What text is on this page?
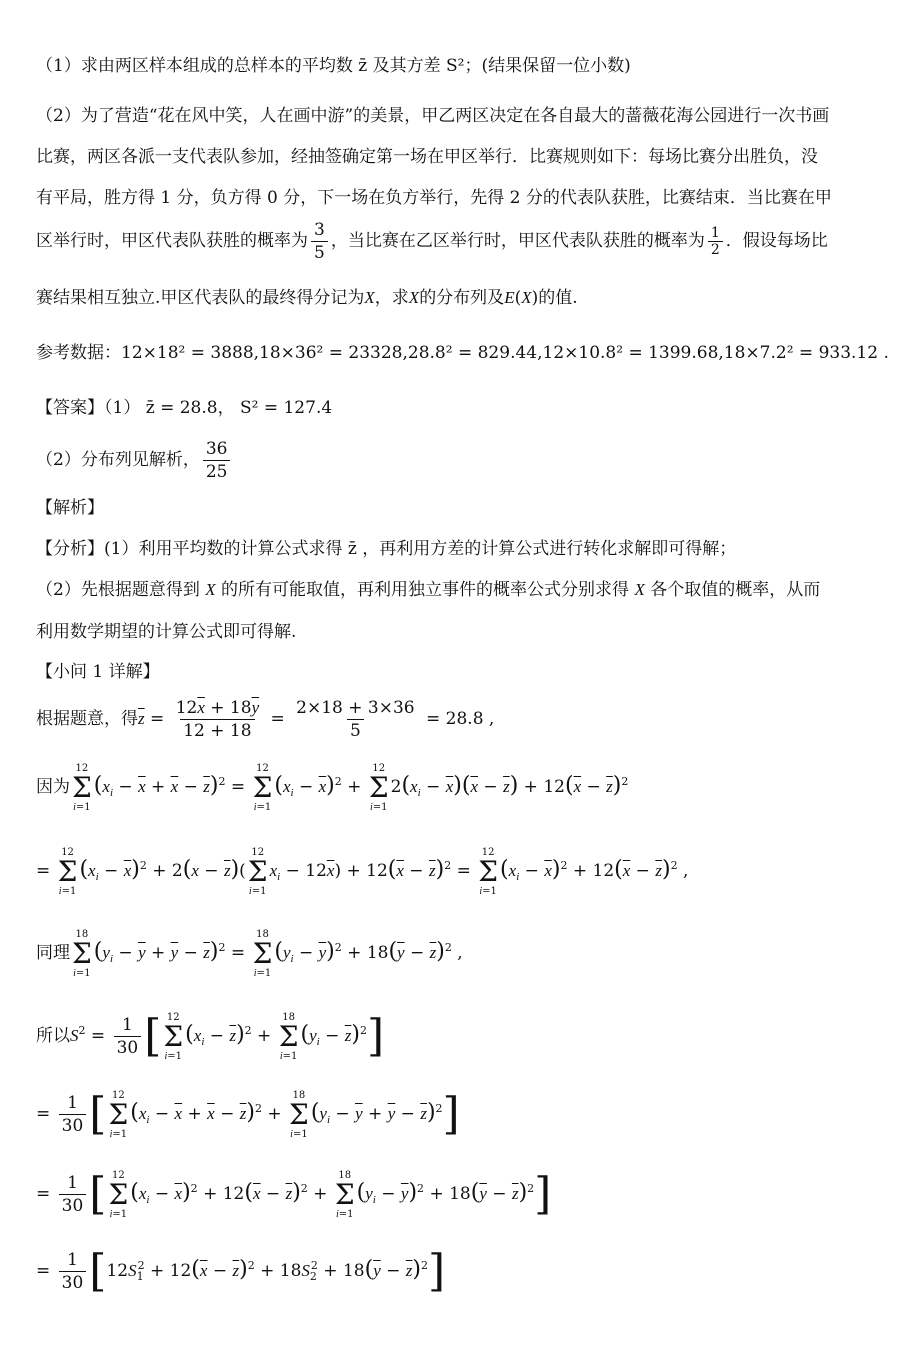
（1）求由两区样本组成的总样本的平均数 z̄ 及其方差 S²；(结果保留一位小数)
（2）为了营造“花在风中笑，人在画中游”的美景，甲乙两区决定在各自最大的蔷薇花海公园进行一次书画
比赛，两区各派一支代表队参加，经抽签确定第一场在甲区举行．比赛规则如下：每场比赛分出胜负，没
有平局，胜方得 1 分，负方得 0 分，下一场在负方举行，先得 2 分的代表队获胜，比赛结束．当比赛在甲
区举行时，甲区代表队获胜的概率为 $\frac{3}{5}$ ，当比赛在乙区举行时，甲区代表队获胜的概率为 $\frac{1}{2}$ ．假设每场比
赛结果相互独立.甲区代表队的最终得分记为X，求X的分布列及E(X)的值.
参考数据：12×18² = 3888,18×36² = 23328,28.8² = 829.44,12×10.8² = 1399.68,18×7.2² = 933.12 .
【答案】（1） z̄ = 28.8， S² = 127.4
（2）分布列见解析， $\frac{36}{25}$
【解析】
【分析】(1）利用平均数的计算公式求得 z̄ ，再利用方差的计算公式进行转化求解即可得解；
（2）先根据题意得到 X 的所有可能取值，再利用独立事件的概率公式分别求得 X 各个取值的概率，从而
利用数学期望的计算公式即可得解.
【小问 1 详解】
根据题意，得$\overline{z} = \frac{12\overline{x} + 18\overline{y}}{12 + 18} = \frac{2\times 18 + 3\times 36}{5} = 28.8$ ,
因为
12
Σ
i=1
$(x_i - \overline{x} + \overline{x} - \overline{z})^2$ =
12
Σ
i=1
$(x_i - \overline{x})^2$ +
12
Σ
i=1
$2(x_i - \overline{x})(\overline{x} - \overline{z}) + 12(\overline{x} - \overline{z})^2$
=
12
Σ
i=1
$(x_i - \overline{x})^2 + 2(x - \overline{z})$(
12
Σ
i=1
$x_i - 12\overline{x}) + 12(\overline{x} - \overline{z})^2$ =
12
Σ
i=1
$(x_i - \overline{x})^2 + 12(\overline{x} - \overline{z})^2$ ,
同理
18
Σ
i=1
$(y_i - \overline{y} + \overline{y} - \overline{z})^2$ =
18
Σ
i=1
$(y_i - \overline{y})^2 + 18(\overline{y} - \overline{z})^2$ ,
所以$S^2 = \frac{1}{30}$ [ 12
Σ
i=1
$(x_i - \overline{z})^2$ +
18
Σ
i=1
$(y_i - \overline{z})^2$]
= $\frac{1}{30}$ [ 12
Σ
i=1
$(x_i - \overline{x} + \overline{x} - \overline{z})^2$ +
18
Σ
i=1
$(y_i - \overline{y} + \overline{y} - \overline{z})^2$]
= $\frac{1}{30}$ [ 12
Σ
i=1
$(x_i - \overline{x})^2 + 12(\overline{x} - \overline{z})^2$ +
18
Σ
i=1
$(y_i - \overline{y})^2 + 18(\overline{y} - \overline{z})^2$]
= $\frac{1}{30} [12S_1^2 + 12(\overline{x} - \overline{z})^2 + 18S_2^2 + 18(\overline{y} - \overline{z})^2]$
